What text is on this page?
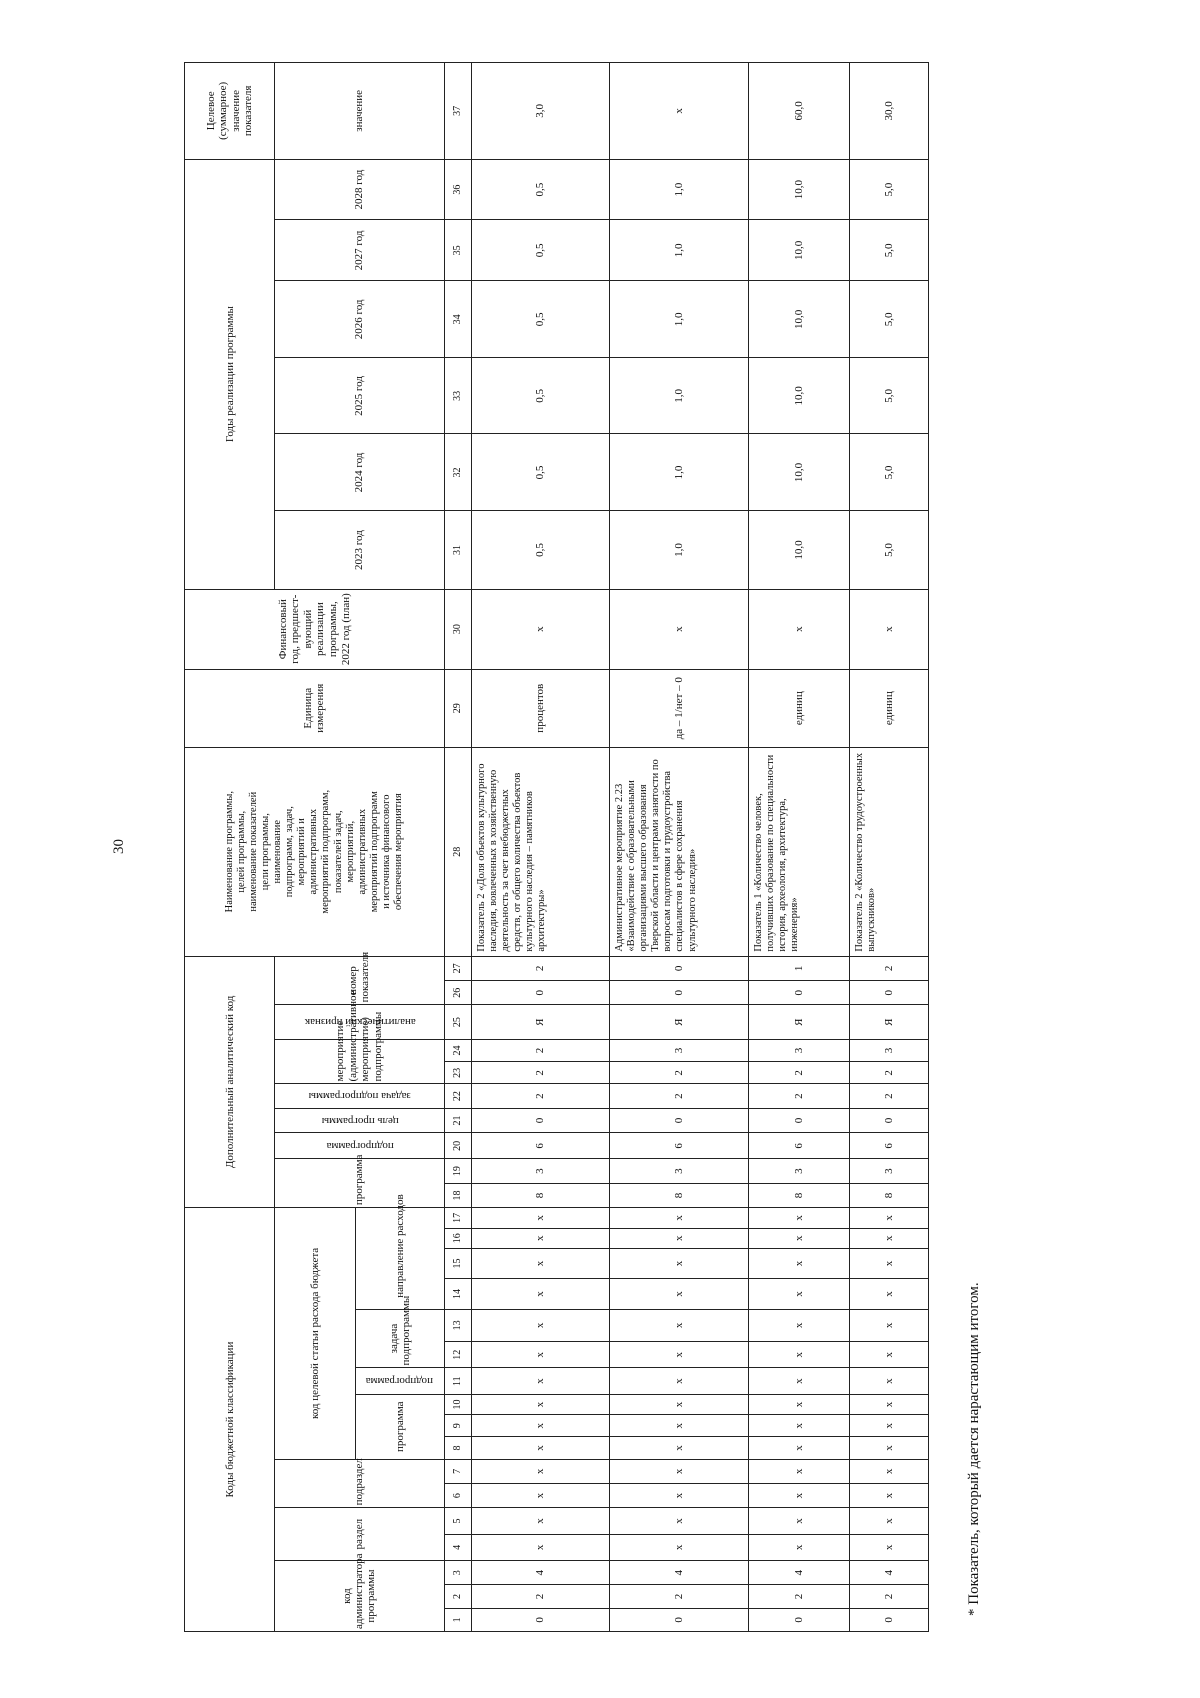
30
Коды бюджетной классификации																	Дополнительный аналитический код										Наименование программы, целей программы, наименование показателей цели программы, наименование подпрограмм, задач, мероприятий и административных мероприятий подпрограмм, показателей задач, мероприятий, административных мероприятий подпрограмм и источника финансового обеспечения мероприятия	Единица измерения	Финансовый год, предшест-вующий реализации программы, 2022 год (план)	Годы реализации программы						Целевое (суммарное) значение показателя
код администратора программы			раздел		подраздел		код целевой статьи расхода бюджета										программа		подпрограмма	цель программы	задача подпрограммы	мероприятие (административное мероприятие) подпрограммы		аналитический признак	номер показателя					2023 год	2024 год	2025 год	2026 год	2027 год	2028 год	значение
							программа			подпрограмма	задача подпрограммы		направление расходов																							

1	2	3	4	5	6	7	8	9	10	11	12	13	14	15	16	17	18	19	20	21	22	23	24	25	26	27	28	29	30	31	32	33	34	35	36	37
0	2	4	х	х	х	х	х	х	х	х	х	х	х	х	х	х	8	3	6	0	2	2	2	Я	0	2	Показатель 2 «Доля объектов культурного наследия, вовлеченных в хозяйственную деятельность за счет внебюджетных средств, от общего количества объектов культурного наследия – памятников архитектуры»	процентов	х	0,5	0,5	0,5	0,5	0,5	0,5	3,0
0	2	4	х	х	х	х	х	х	х	х	х	х	х	х	х	х	8	3	6	0	2	2	3	Я	0	0	Административное мероприятие 2.23 «Взаимодействие с образовательными организациями высшего образования Тверской области и центрами занятости по вопросам подготовки и трудоустройства специалистов в сфере сохранения культурного наследия»	да – 1/нет – 0	х	1,0	1,0	1,0	1,0	1,0	1,0	х
0	2	4	х	х	х	х	х	х	х	х	х	х	х	х	х	х	8	3	6	0	2	2	3	Я	0	1	Показатель 1 «Количество человек, получивших образование по специальности история, археология, архитектура, инженерия»	единиц	х	10,0	10,0	10,0	10,0	10,0	10,0	60,0
0	2	4	х	х	х	х	х	х	х	х	х	х	х	х	х	х	8	3	6	0	2	2	3	Я	0	2	Показатель 2 «Количество трудоустроенных выпускников»	единиц	х	5,0	5,0	5,0	5,0	5,0	5,0	30,0
* Показатель, который дается нарастающим итогом.
